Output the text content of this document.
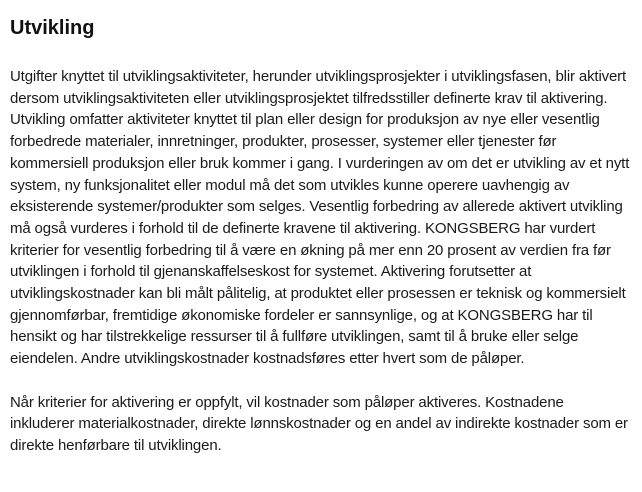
Utvikling

Utgifter knyttet til utviklingsaktiviteter, herunder utviklingsprosjekter i utviklingsfasen, blir aktivert dersom utviklingsaktiviteten eller utviklingsprosjektet tilfredsstiller definerte krav til aktivering. Utvikling omfatter aktiviteter knyttet til plan eller design for produksjon av nye eller vesentlig forbedrede materialer, innretninger, produkter, prosesser, systemer eller tjenester før kommersiell produksjon eller bruk kommer i gang. I vurderingen av om det er utvikling av et nytt system, ny funksjonalitet eller modul må det som utvikles kunne operere uavhengig av eksisterende systemer/produkter som selges. Vesentlig forbedring av allerede aktivert utvikling må også vurderes i forhold til de definerte kravene til aktivering. KONGSBERG har vurdert kriterier for vesentlig forbedring til å være en økning på mer enn 20 prosent av verdien fra før utviklingen i forhold til gjenanskaffelseskost for systemet. Aktivering forutsetter at utviklingskostnader kan bli målt pålitelig, at produktet eller prosessen er teknisk og kommersielt gjennomførbar, fremtidige økonomiske fordeler er sannsynlige, og at KONGSBERG har til hensikt og har tilstrekkelige ressurser til å fullføre utviklingen, samt til å bruke eller selge eiendelen. Andre utviklingskostnader kostnadsføres etter hvert som de påløper.

Når kriterier for aktivering er oppfylt, vil kostnader som påløper aktiveres. Kostnadene inkluderer materialkostnader, direkte lønnskostnader og en andel av indirekte kostnader som er direkte henførbare til utviklingen.
